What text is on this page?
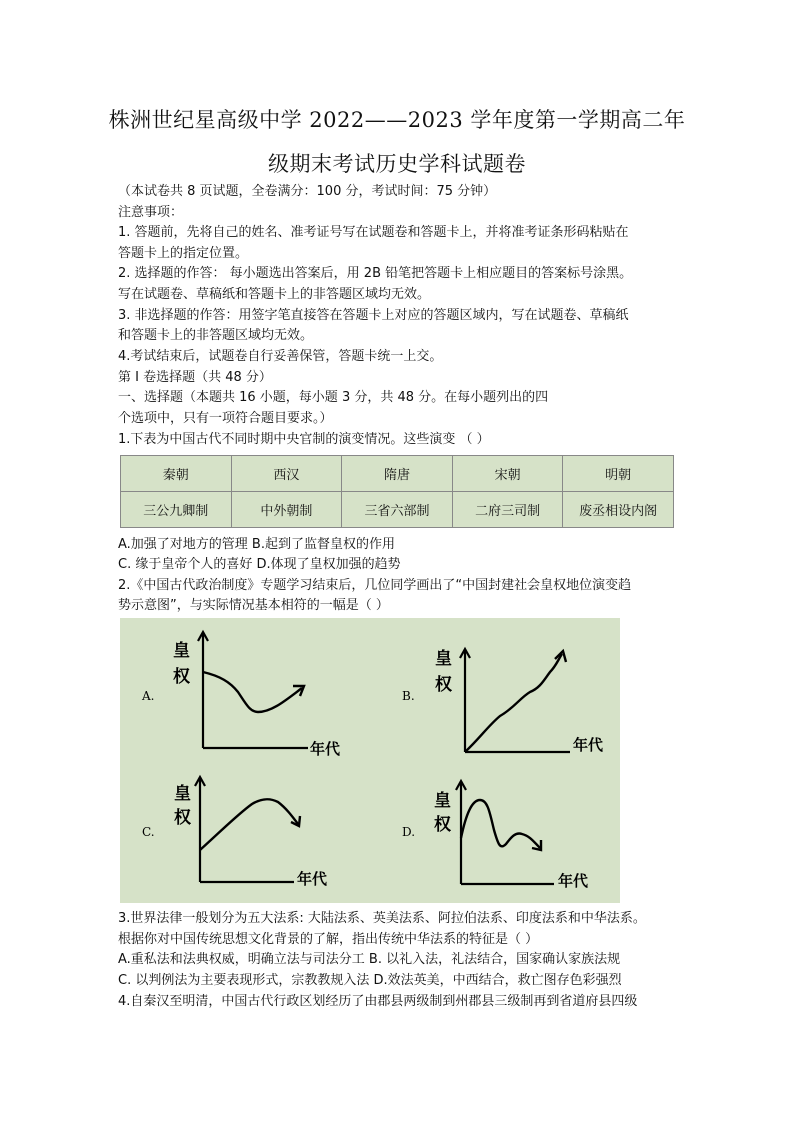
株洲世纪星高级中学 2022——2023 学年度第一学期高二年
级期末考试历史学科试题卷
（本试卷共 8 页试题，全卷满分：100 分，考试时间：75 分钟）
注意事项：
1. 答题前，先将自己的姓名、准考证号写在试题卷和答题卡上，并将准考证条形码粘贴在
答题卡上的指定位置。
2. 选择题的作答： 每小题选出答案后，用 2B 铅笔把答题卡上相应题目的答案标号涂黑。
写在试题卷、草稿纸和答题卡上的非答题区域均无效。
3. 非选择题的作答：用签字笔直接答在答题卡上对应的答题区域内，写在试题卷、草稿纸
和答题卡上的非答题区域均无效。
4.考试结束后，试题卷自行妥善保管，答题卡统一上交。
第 I 卷选择题（共 48 分）
一、选择题（本题共 16 小题，每小题 3 分，共 48 分。在每小题列出的四
个选项中，只有一项符合题目要求。）
1.下表为中国古代不同时期中央官制的演变情况。这些演变 （ ）
秦朝	西汉	隋唐	宋朝	明朝
三公九卿制	中外朝制	三省六部制	二府三司制	废丞相设内阁
A.加强了对地方的管理 B.起到了监督皇权的作用
C. 缘于皇帝个人的喜好 D.体现了皇权加强的趋势
2.《中国古代政治制度》专题学习结束后，几位同学画出了“中国封建社会皇权地位演变趋
势示意图”，与实际情况基本相符的一幅是（ ）
A.
皇
权
年代
B.
皇
权
年代
C.
皇
权
年代
D.
皇
权
年代
3.世界法律一般划分为五大法系: 大陆法系、英美法系、阿拉伯法系、印度法系和中华法系。
根据你对中国传统思想文化背景的了解，指出传统中华法系的特征是（ ）
A.重私法和法典权威，明确立法与司法分工 B. 以礼入法，礼法结合，国家确认家族法规
C. 以判例法为主要表现形式，宗教教规入法 D.效法英美，中西结合，救亡图存色彩强烈
4.自秦汉至明清，中国古代行政区划经历了由郡县两级制到州郡县三级制再到省道府县四级
